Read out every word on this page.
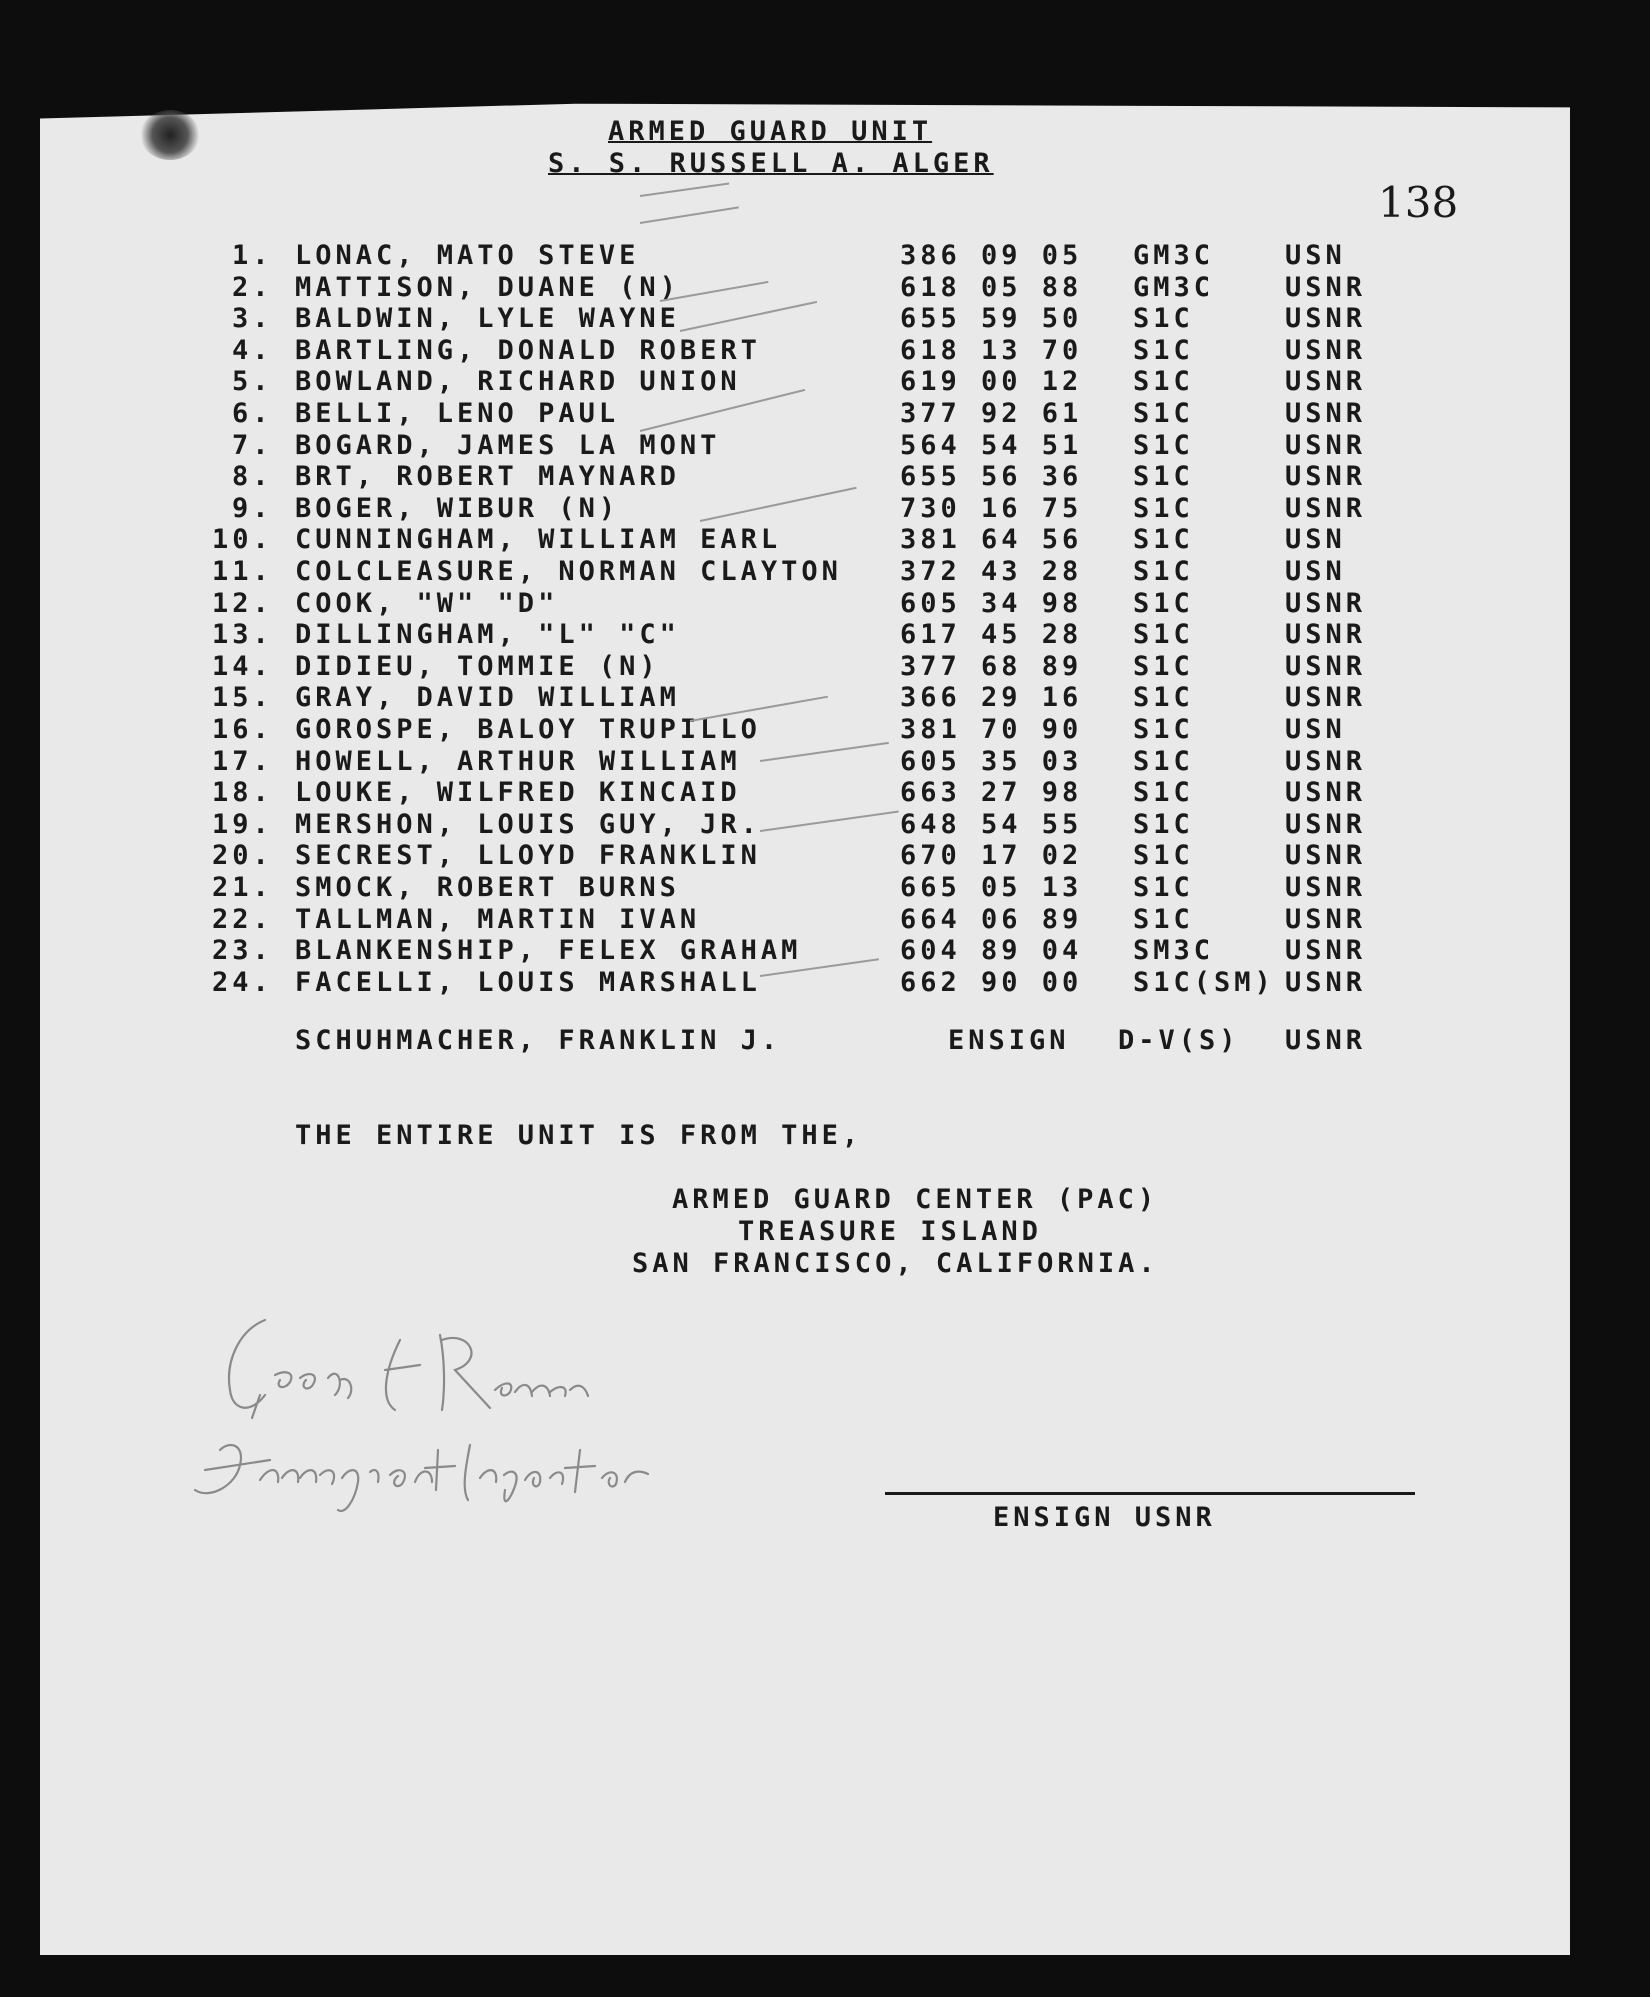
ARMED GUARD UNIT
S. S. RUSSELL A. ALGER
138
1. LONAC, MATO STEVE	386 09 05 GM3C	USN
2. MATTISON, DUANE (N)	618 05 88 GM3C	USNR
3. BALDWIN, LYLE WAYNE	655 59 50 S1C	USNR
4. BARTLING, DONALD ROBERT	618 13 70 S1C	USNR
5. BOWLAND, RICHARD UNION	619 00 12 S1C	USNR
6. BELLI, LENO PAUL	377 92 61 S1C	USNR
7. BOGARD, JAMES LA MONT	564 54 51 S1C	USNR
8. BRT, ROBERT MAYNARD	655 56 36 S1C	USNR
9. BOGER, WIBUR (N)	730 16 75 S1C	USNR
10. CUNNINGHAM, WILLIAM EARL	381 64 56 S1C	USN
11. COLCLEASURE, NORMAN CLAYTON 372 43 28 S1C	USN
12. COOK, "W" "D"	605 34 98 S1C	USNR
13. DILLINGHAM, "L" "C"	617 45 28 S1C	USNR
14. DIDIEU, TOMMIE (N)	377 68 89 S1C	USNR
15. GRAY, DAVID WILLIAM	366 29 16 S1C	USNR
16. GOROSPE, BALOY TRUPILLO	381 70 90 S1C	USN
17. HOWELL, ARTHUR WILLIAM	605 35 03 S1C	USNR
18. LOUKE, WILFRED KINCAID	663 27 98 S1C	USNR
19. MERSHON, LOUIS GUY, JR.	648 54 55 S1C	USNR
20. SECREST, LLOYD FRANKLIN	670 17 02 S1C	USNR
21. SMOCK, ROBERT BURNS	665 05 13 S1C	USNR
22. TALLMAN, MARTIN IVAN	664 06 89 S1C	USNR
23. BLANKENSHIP, FELEX GRAHAM	604 89 04 SM3C	USNR
24. FACELLI, LOUIS MARSHALL	662 90 00 S1C(SM) USNR
SCHUHMACHER, FRANKLIN J.	ENSIGN D-V(S) USNR
THE ENTIRE UNIT IS FROM THE,
ARMED GUARD CENTER (PAC)
TREASURE ISLAND
SAN FRANCISCO, CALIFORNIA.
ENSIGN USNR
